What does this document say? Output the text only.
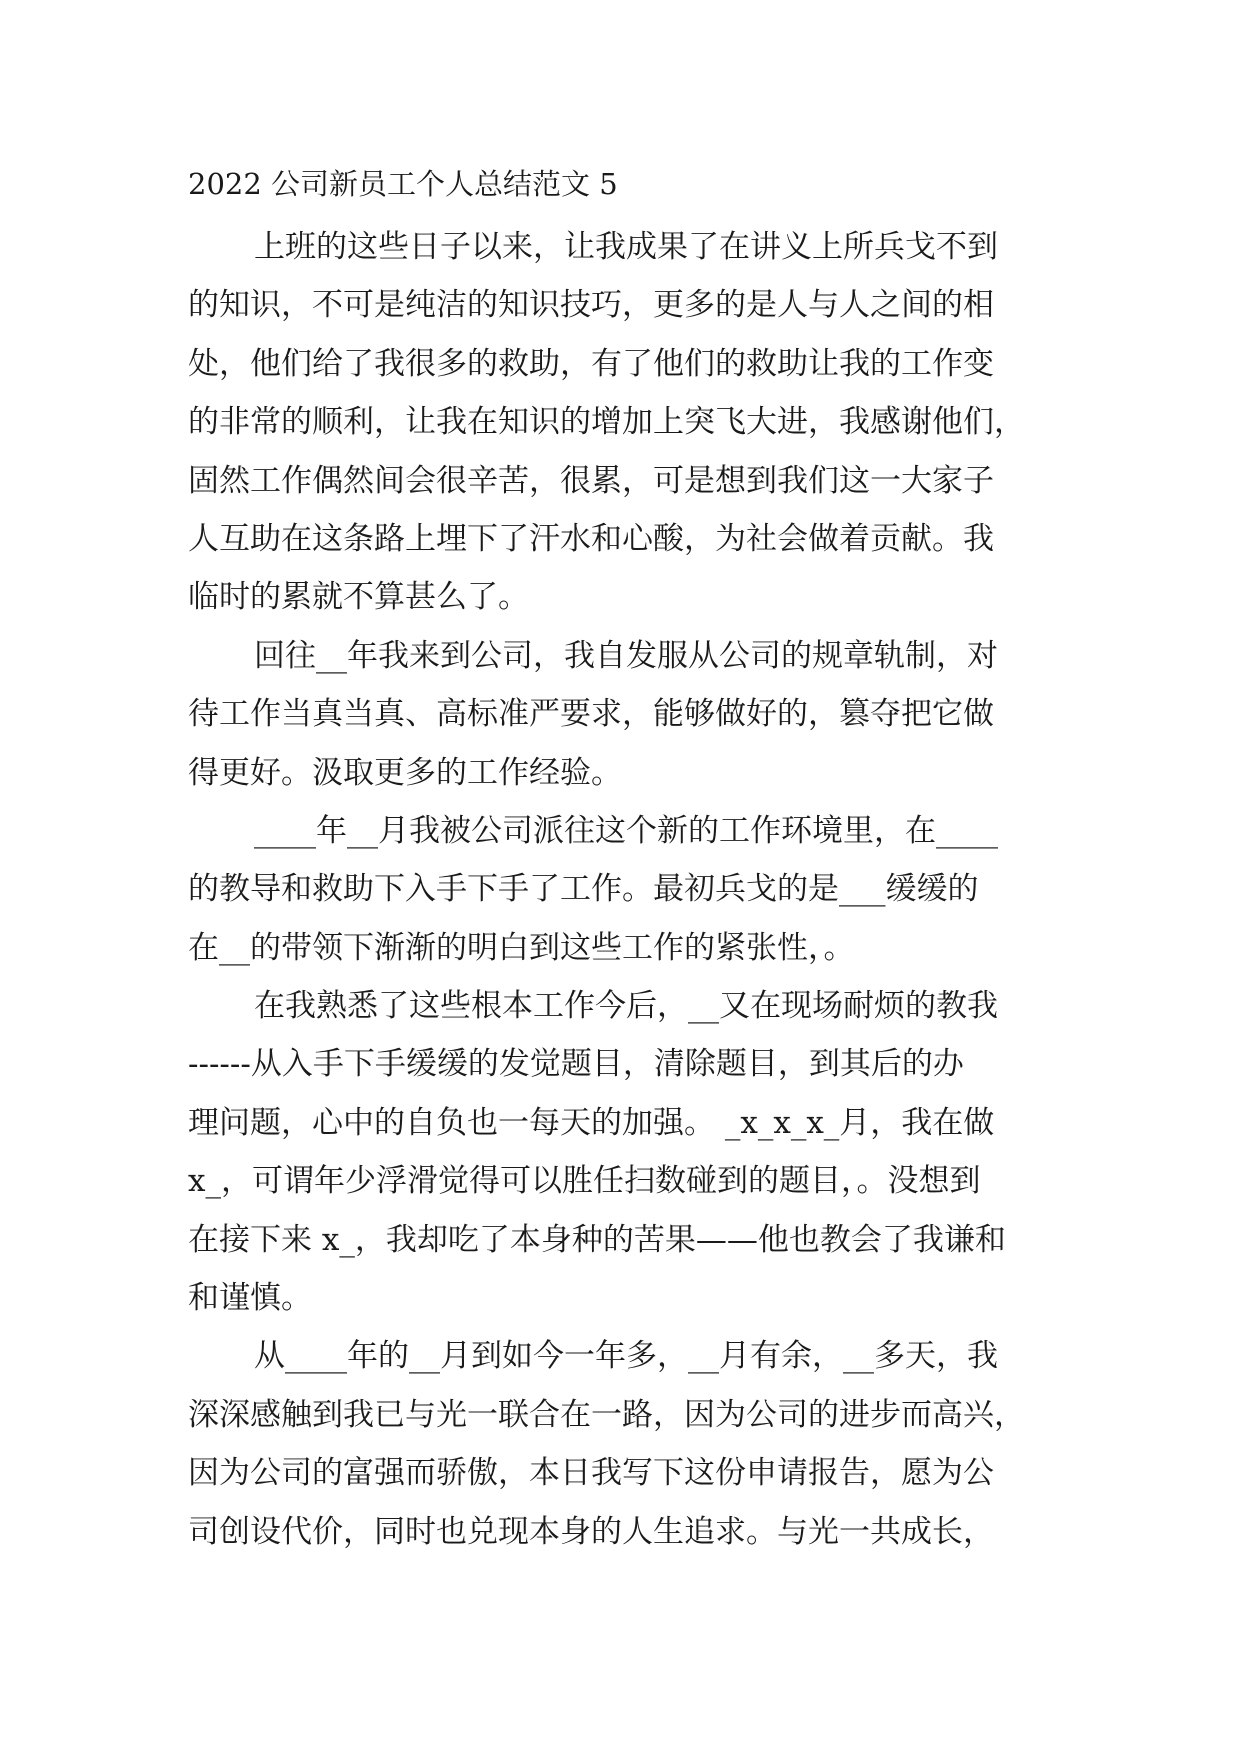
2022 公司新员工个人总结范文 5
上班的这些日子以来，让我成果了在讲义上所兵戈不到
的知识，不可是纯洁的知识技巧，更多的是人与人之间的相
处，他们给了我很多的救助，有了他们的救助让我的工作变
的非常的顺利，让我在知识的增加上突飞大进，我感谢他们，
固然工作偶然间会很辛苦，很累，可是想到我们这一大家子
人互助在这条路上埋下了汗水和心酸，为社会做着贡献。我
临时的累就不算甚么了。
回往__年我来到公司，我自发服从公司的规章轨制，对
待工作当真当真、高标准严要求，能够做好的，篡夺把它做
得更好。汲取更多的工作经验。
____年__月我被公司派往这个新的工作环境里，在____
的教导和救助下入手下手了工作。最初兵戈的是___缓缓的
在__的带领下渐渐的明白到这些工作的紧张性，。
在我熟悉了这些根本工作今后，__又在现场耐烦的教我
------从入手下手缓缓的发觉题目，清除题目，到其后的办
理问题，心中的自负也一每天的加强。 _x_x_x_月，我在做
x_，可谓年少浮滑觉得可以胜任扫数碰到的题目，。没想到
在接下来 x_，我却吃了本身种的苦果——他也教会了我谦和
和谨慎。
从____年的__月到如今一年多，__月有余，__多天，我
深深感触到我已与光一联合在一路，因为公司的进步而高兴，
因为公司的富强而骄傲，本日我写下这份申请报告，愿为公
司创设代价，同时也兑现本身的人生追求。与光一共成长，
